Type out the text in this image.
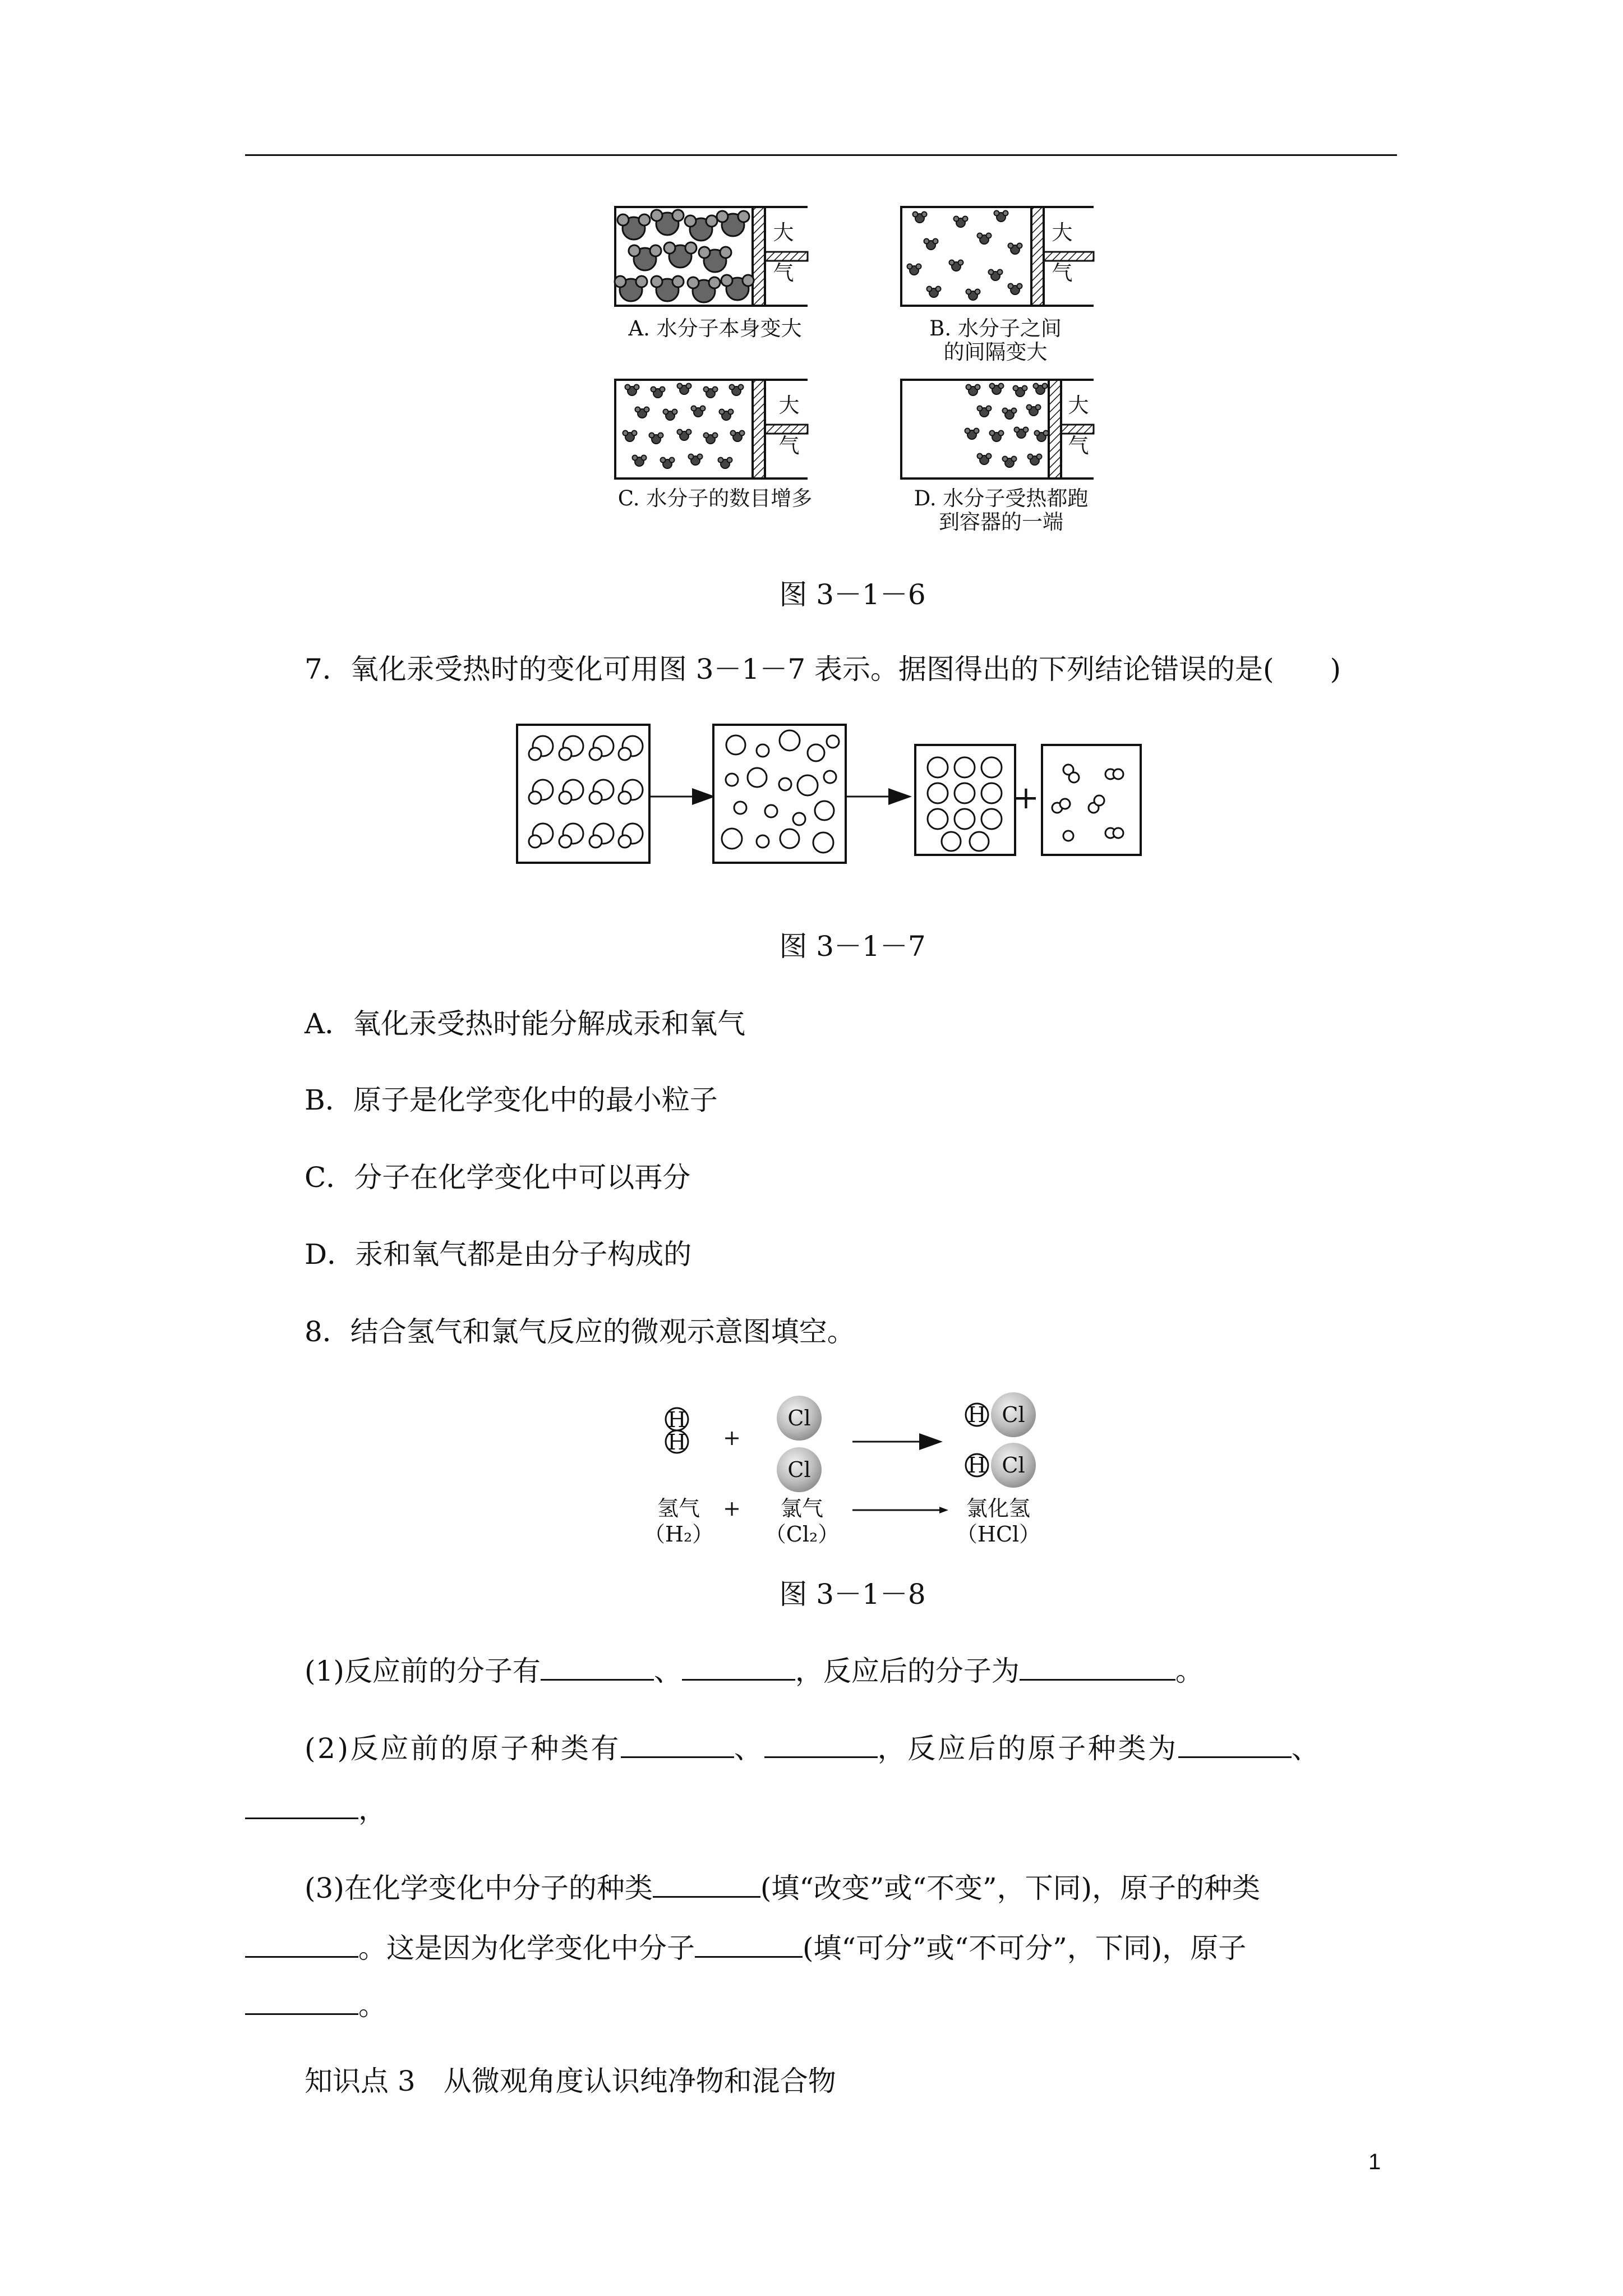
大
气
A. 水分子本身变大
大
气
B. 水分子之间
的间隔变大
大
气
C. 水分子的数目增多
大
气
D. 水分子受热都跑
到容器的一端
图 3－1－6
7．氧化汞受热时的变化可用图 3－1－7 表示。据图得出的下列结论错误的是(　　)
+
图 3－1－7
A．氧化汞受热时能分解成汞和氧气
B．原子是化学变化中的最小粒子
C．分子在化学变化中可以再分
D．汞和氧气都是由分子构成的
8．结合氢气和氯气反应的微观示意图填空。
H
H +
Cl
Cl
H Cl
H Cl
氢气	+	氯气	氯化氢
（H₂）	（Cl₂）	（HCl）
图 3－1－8
(1)反应前的分子有	、	，反应后的分子为	。
(2)反应前的原子种类有	、	，反应后的原子种类为	、
，
(3)在化学变化中分子的种类	(填“改变”或“不变”，下同)，原子的种类
。这是因为化学变化中分子	(填“可分”或“不可分”，下同)，原子
。
知识点 3　从微观角度认识纯净物和混合物
1
